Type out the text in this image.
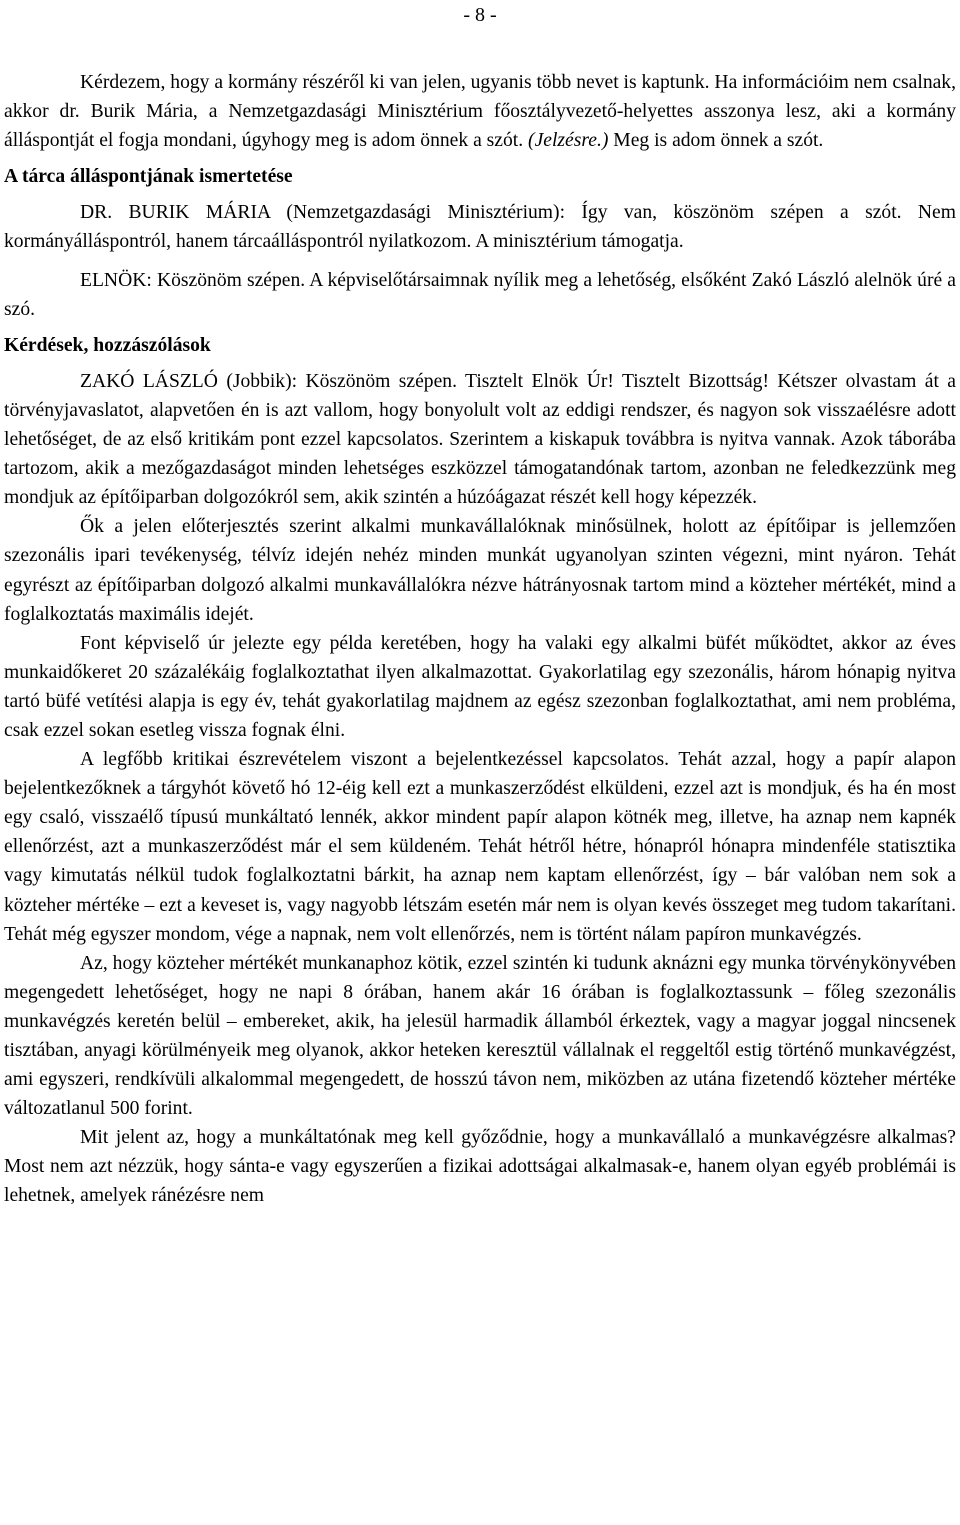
- 8 -

Kérdezem, hogy a kormány részéről ki van jelen, ugyanis több nevet is kaptunk. Ha információim nem csalnak, akkor dr. Burik Mária, a Nemzetgazdasági Minisztérium főosztályvezető-helyettes asszonya lesz, aki a kormány álláspontját el fogja mondani, úgyhogy meg is adom önnek a szót. (Jelzésre.) Meg is adom önnek a szót.

A tárca álláspontjának ismertetése

DR. BURIK MÁRIA (Nemzetgazdasági Minisztérium): Így van, köszönöm szépen a szót. Nem kormányálláspontról, hanem tárcaálláspontról nyilatkozom. A minisztérium támogatja.

ELNÖK: Köszönöm szépen. A képviselőtársaimnak nyílik meg a lehetőség, elsőként Zakó László alelnök úré a szó.

Kérdések, hozzászólások

ZAKÓ LÁSZLÓ (Jobbik): Köszönöm szépen. Tisztelt Elnök Úr! Tisztelt Bizottság! Kétszer olvastam át a törvényjavaslatot, alapvetően én is azt vallom, hogy bonyolult volt az eddigi rendszer, és nagyon sok visszaélésre adott lehetőséget, de az első kritikám pont ezzel kapcsolatos. Szerintem a kiskapuk továbbra is nyitva vannak. Azok táborába tartozom, akik a mezőgazdaságot minden lehetséges eszközzel támogatandónak tartom, azonban ne feledkezzünk meg mondjuk az építőiparban dolgozókról sem, akik szintén a húzóágazat részét kell hogy képezzék.

Ők a jelen előterjesztés szerint alkalmi munkavállalóknak minősülnek, holott az építőipar is jellemzően szezonális ipari tevékenység, télvíz idején nehéz minden munkát ugyanolyan szinten végezni, mint nyáron. Tehát egyrészt az építőiparban dolgozó alkalmi munkavállalókra nézve hátrányosnak tartom mind a közteher mértékét, mind a foglalkoztatás maximális idejét.

Font képviselő úr jelezte egy példa keretében, hogy ha valaki egy alkalmi büfét működtet, akkor az éves munkaidőkeret 20 százalékáig foglalkoztathat ilyen alkalmazottat. Gyakorlatilag egy szezonális, három hónapig nyitva tartó büfé vetítési alapja is egy év, tehát gyakorlatilag majdnem az egész szezonban foglalkoztathat, ami nem probléma, csak ezzel sokan esetleg vissza fognak élni.

A legfőbb kritikai észrevételem viszont a bejelentkezéssel kapcsolatos. Tehát azzal, hogy a papír alapon bejelentkezőknek a tárgyhót követő hó 12-éig kell ezt a munkaszerződést elküldeni, ezzel azt is mondjuk, és ha én most egy csaló, visszaélő típusú munkáltató lennék, akkor mindent papír alapon kötnék meg, illetve, ha aznap nem kapnék ellenőrzést, azt a munkaszerződést már el sem küldeném. Tehát hétről hétre, hónapról hónapra mindenféle statisztika vagy kimutatás nélkül tudok foglalkoztatni bárkit, ha aznap nem kaptam ellenőrzést, így – bár valóban nem sok a közteher mértéke – ezt a keveset is, vagy nagyobb létszám esetén már nem is olyan kevés összeget meg tudom takarítani. Tehát még egyszer mondom, vége a napnak, nem volt ellenőrzés, nem is történt nálam papíron munkavégzés.

Az, hogy közteher mértékét munkanaphoz kötik, ezzel szintén ki tudunk aknázni egy munka törvénykönyvében megengedett lehetőséget, hogy ne napi 8 órában, hanem akár 16 órában is foglalkoztassunk – főleg szezonális munkavégzés keretén belül – embereket, akik, ha jelesül harmadik államból érkeztek, vagy a magyar joggal nincsenek tisztában, anyagi körülményeik meg olyanok, akkor heteken keresztül vállalnak el reggeltől estig történő munkavégzést, ami egyszeri, rendkívüli alkalommal megengedett, de hosszú távon nem, miközben az utána fizetendő közteher mértéke változatlanul 500 forint.

Mit jelent az, hogy a munkáltatónak meg kell győződnie, hogy a munkavállaló a munkavégzésre alkalmas? Most nem azt nézzük, hogy sánta-e vagy egyszerűen a fizikai adottságai alkalmasak-e, hanem olyan egyéb problémái is lehetnek, amelyek ránézésre nem
